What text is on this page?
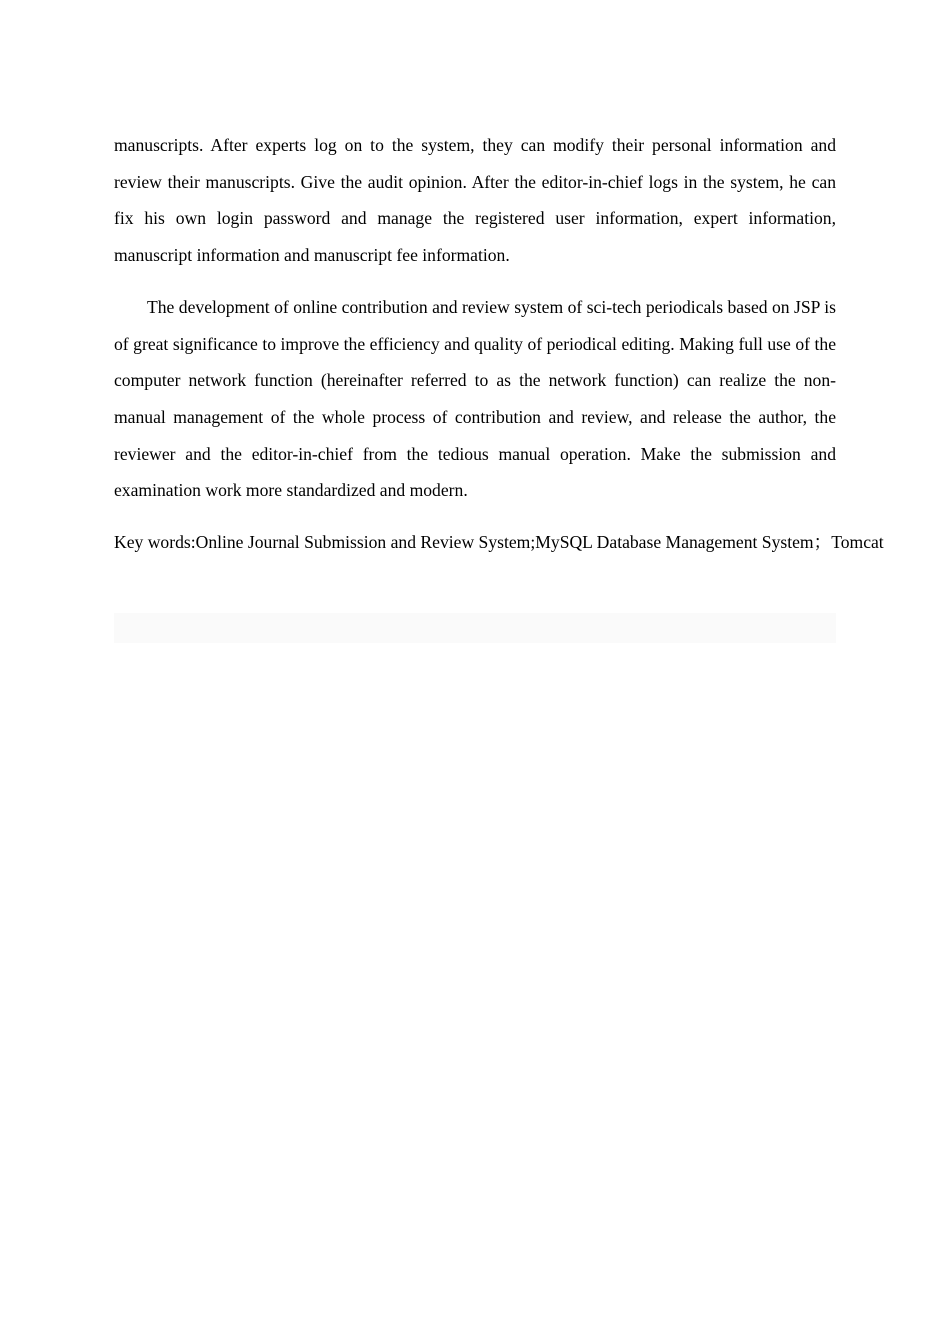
manuscripts. After experts log on to the system, they can modify their personal information and review their manuscripts. Give the audit opinion. After the editor-in-chief logs in the system, he can fix his own login password and manage the registered user information, expert information, manuscript information and manuscript fee information.

The development of online contribution and review system of sci-tech periodicals based on JSP is of great significance to improve the efficiency and quality of periodical editing. Making full use of the computer network function (hereinafter referred to as the network function) can realize the non-manual management of the whole process of contribution and review, and release the author, the reviewer and the editor-in-chief from the tedious manual operation. Make the submission and examination work more standardized and modern.

Key words:Online Journal Submission and Review System;MySQL Database Management System；Tomcat
